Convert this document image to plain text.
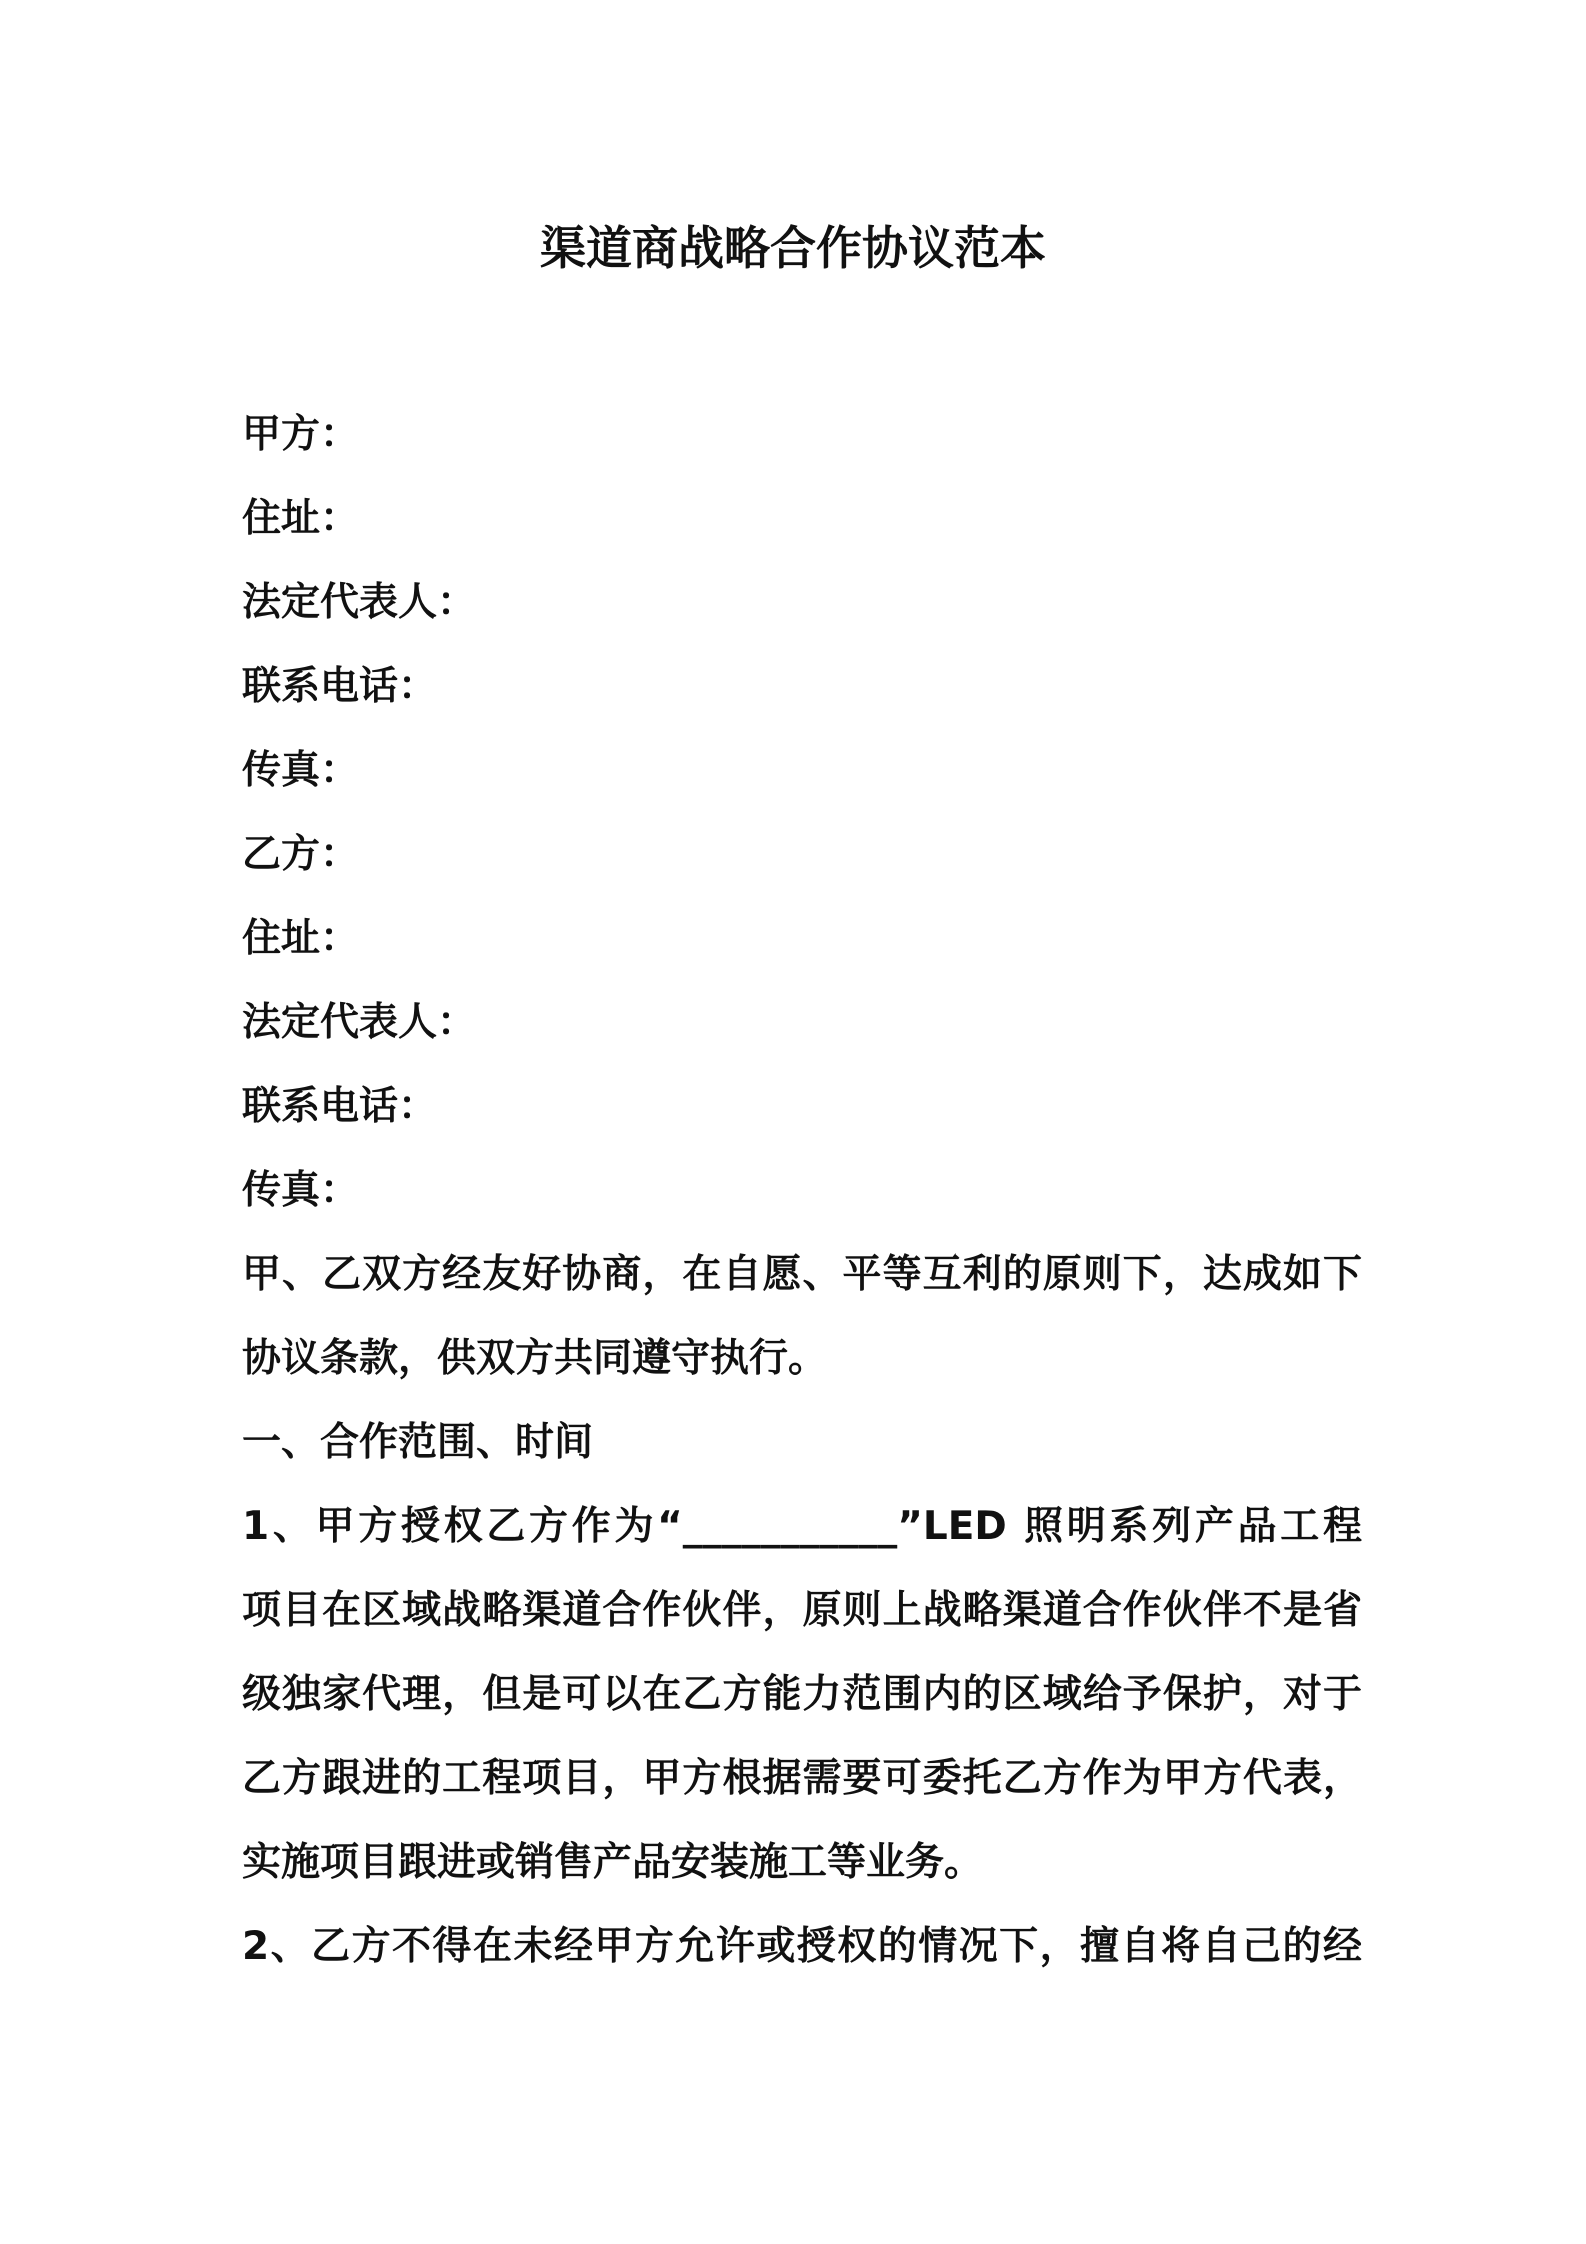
渠道商战略合作协议范本
甲方：
住址：
法定代表人：
联系电话：
传真：
乙方：
住址：
法定代表人：
联系电话：
传真：
甲、乙双方经友好协商，在自愿、平等互利的原则下，达成如下
协议条款，供双方共同遵守执行。
一、合作范围、时间
1、甲方授权乙方作为“___________”LED 照明系列产品工程
项目在区域战略渠道合作伙伴，原则上战略渠道合作伙伴不是省
级独家代理，但是可以在乙方能力范围内的区域给予保护，对于
乙方跟进的工程项目，甲方根据需要可委托乙方作为甲方代表，
实施项目跟进或销售产品安装施工等业务。
2、乙方不得在未经甲方允许或授权的情况下，擅自将自己的经
